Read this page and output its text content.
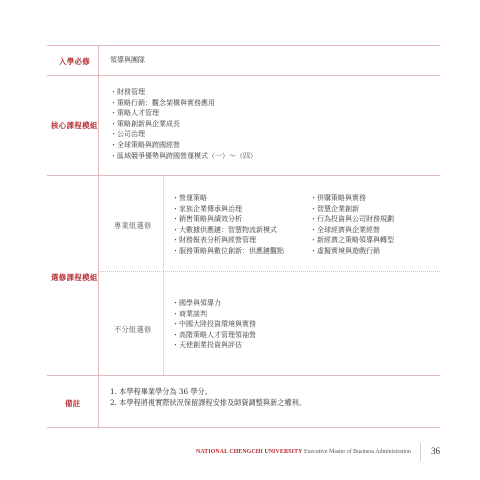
入學必修	領導與團隊
核心課程模組
・ 財務管理
・ 策略行銷：觀念架構與實務應用
・ 策略人才管理
・ 策略創新與企業成長
・ 公司治理
・ 全球策略與跨國經營
・ 區域競爭優勢與跨國營運模式（一）～（四）
選修課程模組
專業組選修
・ 營運策略
・ 家族企業傳承與治理
・ 銷售策略與績效分析
・ 大數據供應鏈：智慧物流新模式
・ 財務報表分析與經營管理
・ 服務策略與數位創新：供應鏈觀點
・ 併購策略與實務
・ 智慧企業創新
・ 行為投資與公司財務規劃
・ 全球經濟與企業經營
・ 新經濟之策略領導與轉型
・ 虛擬實境與遊戲行銷
不分組選修
・ 國學與領導力
・ 商業談判
・ 中國大陸投資環境與實務
・ 高階策略人才管理領袖營
・ 天使創業投資與評估
備註
1. 本學程畢業學分為 36 學分。
2. 本學程將視實際狀況保留課程安排及師資調整與新之權利。
NATIONAL CHENGCHI UNIVERSITY Executive Master of Business Administration 36
